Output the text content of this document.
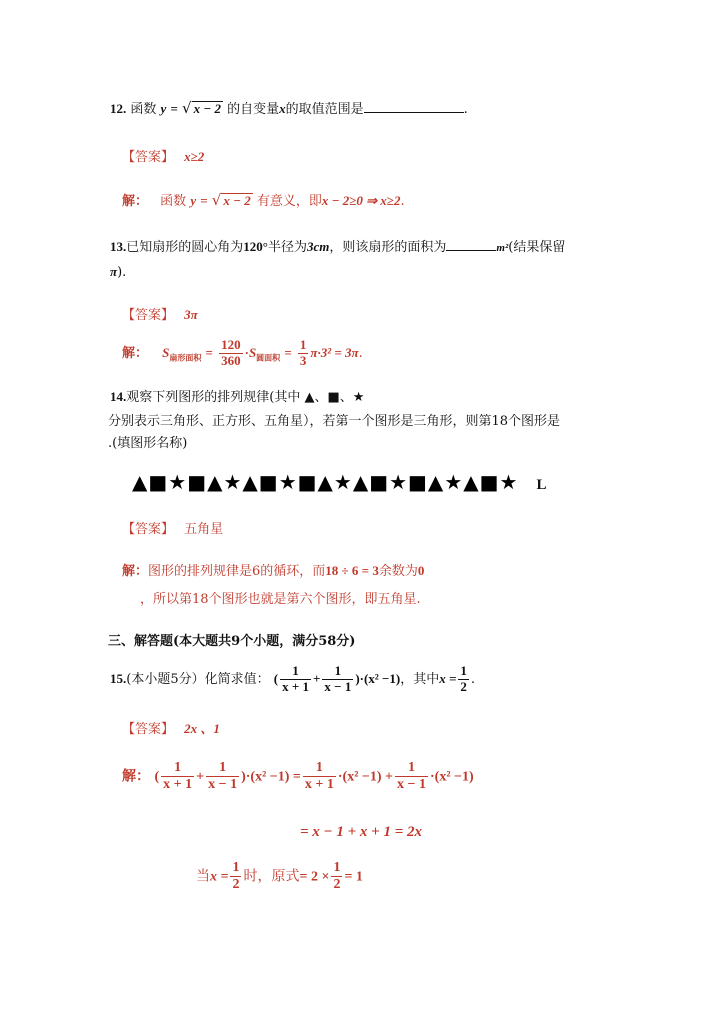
12. 函数 y = √ x − 2 的自变量x的取值范围是	.
【答案】 x≥2
解： 函数 y = √ x − 2 有意义，即x − 2≥0 ⇒ x≥2.
13.已知扇形的圆心角为120°半径为3cm，则该扇形的面积为	m²(结果保留
π).
【答案】 3π
解： $S_{扇形面积} = \frac{120}{360} \cdot S_{圆面积} = \frac{1}{3} \pi\cdot 3^2 = 3\pi$.
14.观察下列图形的排列规律(其中 ▲、■、★
分别表示三角形、正方形、五角星），若第一个图形是三角形，则第18个图形是
.(填图形名称)
▲■★■▲★▲■★■▲★▲■★■▲★▲■★ L
【答案】 五角星
解：图形的排列规律是6的循环，而18 ÷ 6 = 3余数为0
，所以第18个图形也就是第六个图形，即五角星.
三、解答题(本大题共9个小题，满分58分)
15.(本小题5分）化简求值： ( $\frac{1}{x + 1} + \frac{1}{x - 1} )\cdot(x^2 -1)$，其中$x = \frac{1}{2}$ .
【答案】 2x 、1
解： ( $\frac{1}{x + 1} + \frac{1}{x - 1} )\cdot(x^2 -1) = \frac{1}{x + 1} \cdot(x^2 -1) + \frac{1}{x - 1} \cdot(x^2 -1)$
= x − 1 + x + 1 = 2x
当$x = \frac{1}{2}$ 时，原式= $2 \times \frac{1}{2} = 1$
